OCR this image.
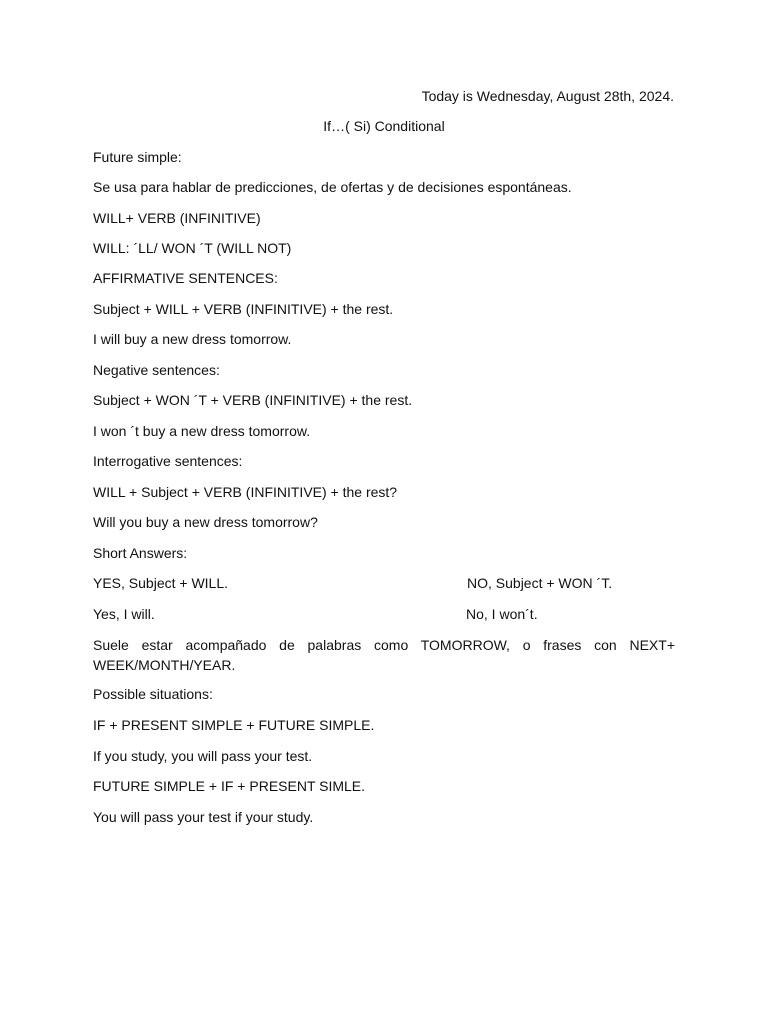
Today is Wednesday, August 28th, 2024.
If…( Si) Conditional
Future simple:
Se usa para hablar de predicciones, de ofertas y de decisiones espontáneas.
WILL+ VERB (INFINITIVE)
WILL: ´LL/ WON ´T (WILL NOT)
AFFIRMATIVE SENTENCES:
Subject + WILL + VERB (INFINITIVE) + the rest.
I will buy a new dress tomorrow.
Negative sentences:
Subject + WON ´T + VERB (INFINITIVE) + the rest.
I won ´t buy a new dress tomorrow.
Interrogative sentences:
WILL + Subject + VERB (INFINITIVE) + the rest?
Will you buy a new dress tomorrow?
Short Answers:
YES, Subject + WILL.	NO, Subject + WON ´T.
Yes, I will.	No, I won´t.
Suele estar acompañado de palabras como TOMORROW, o frases con NEXT+ WEEK/MONTH/YEAR.
Possible situations:
IF + PRESENT SIMPLE + FUTURE SIMPLE.
If you study, you will pass your test.
FUTURE SIMPLE + IF + PRESENT SIMLE.
You will pass your test if your study.
